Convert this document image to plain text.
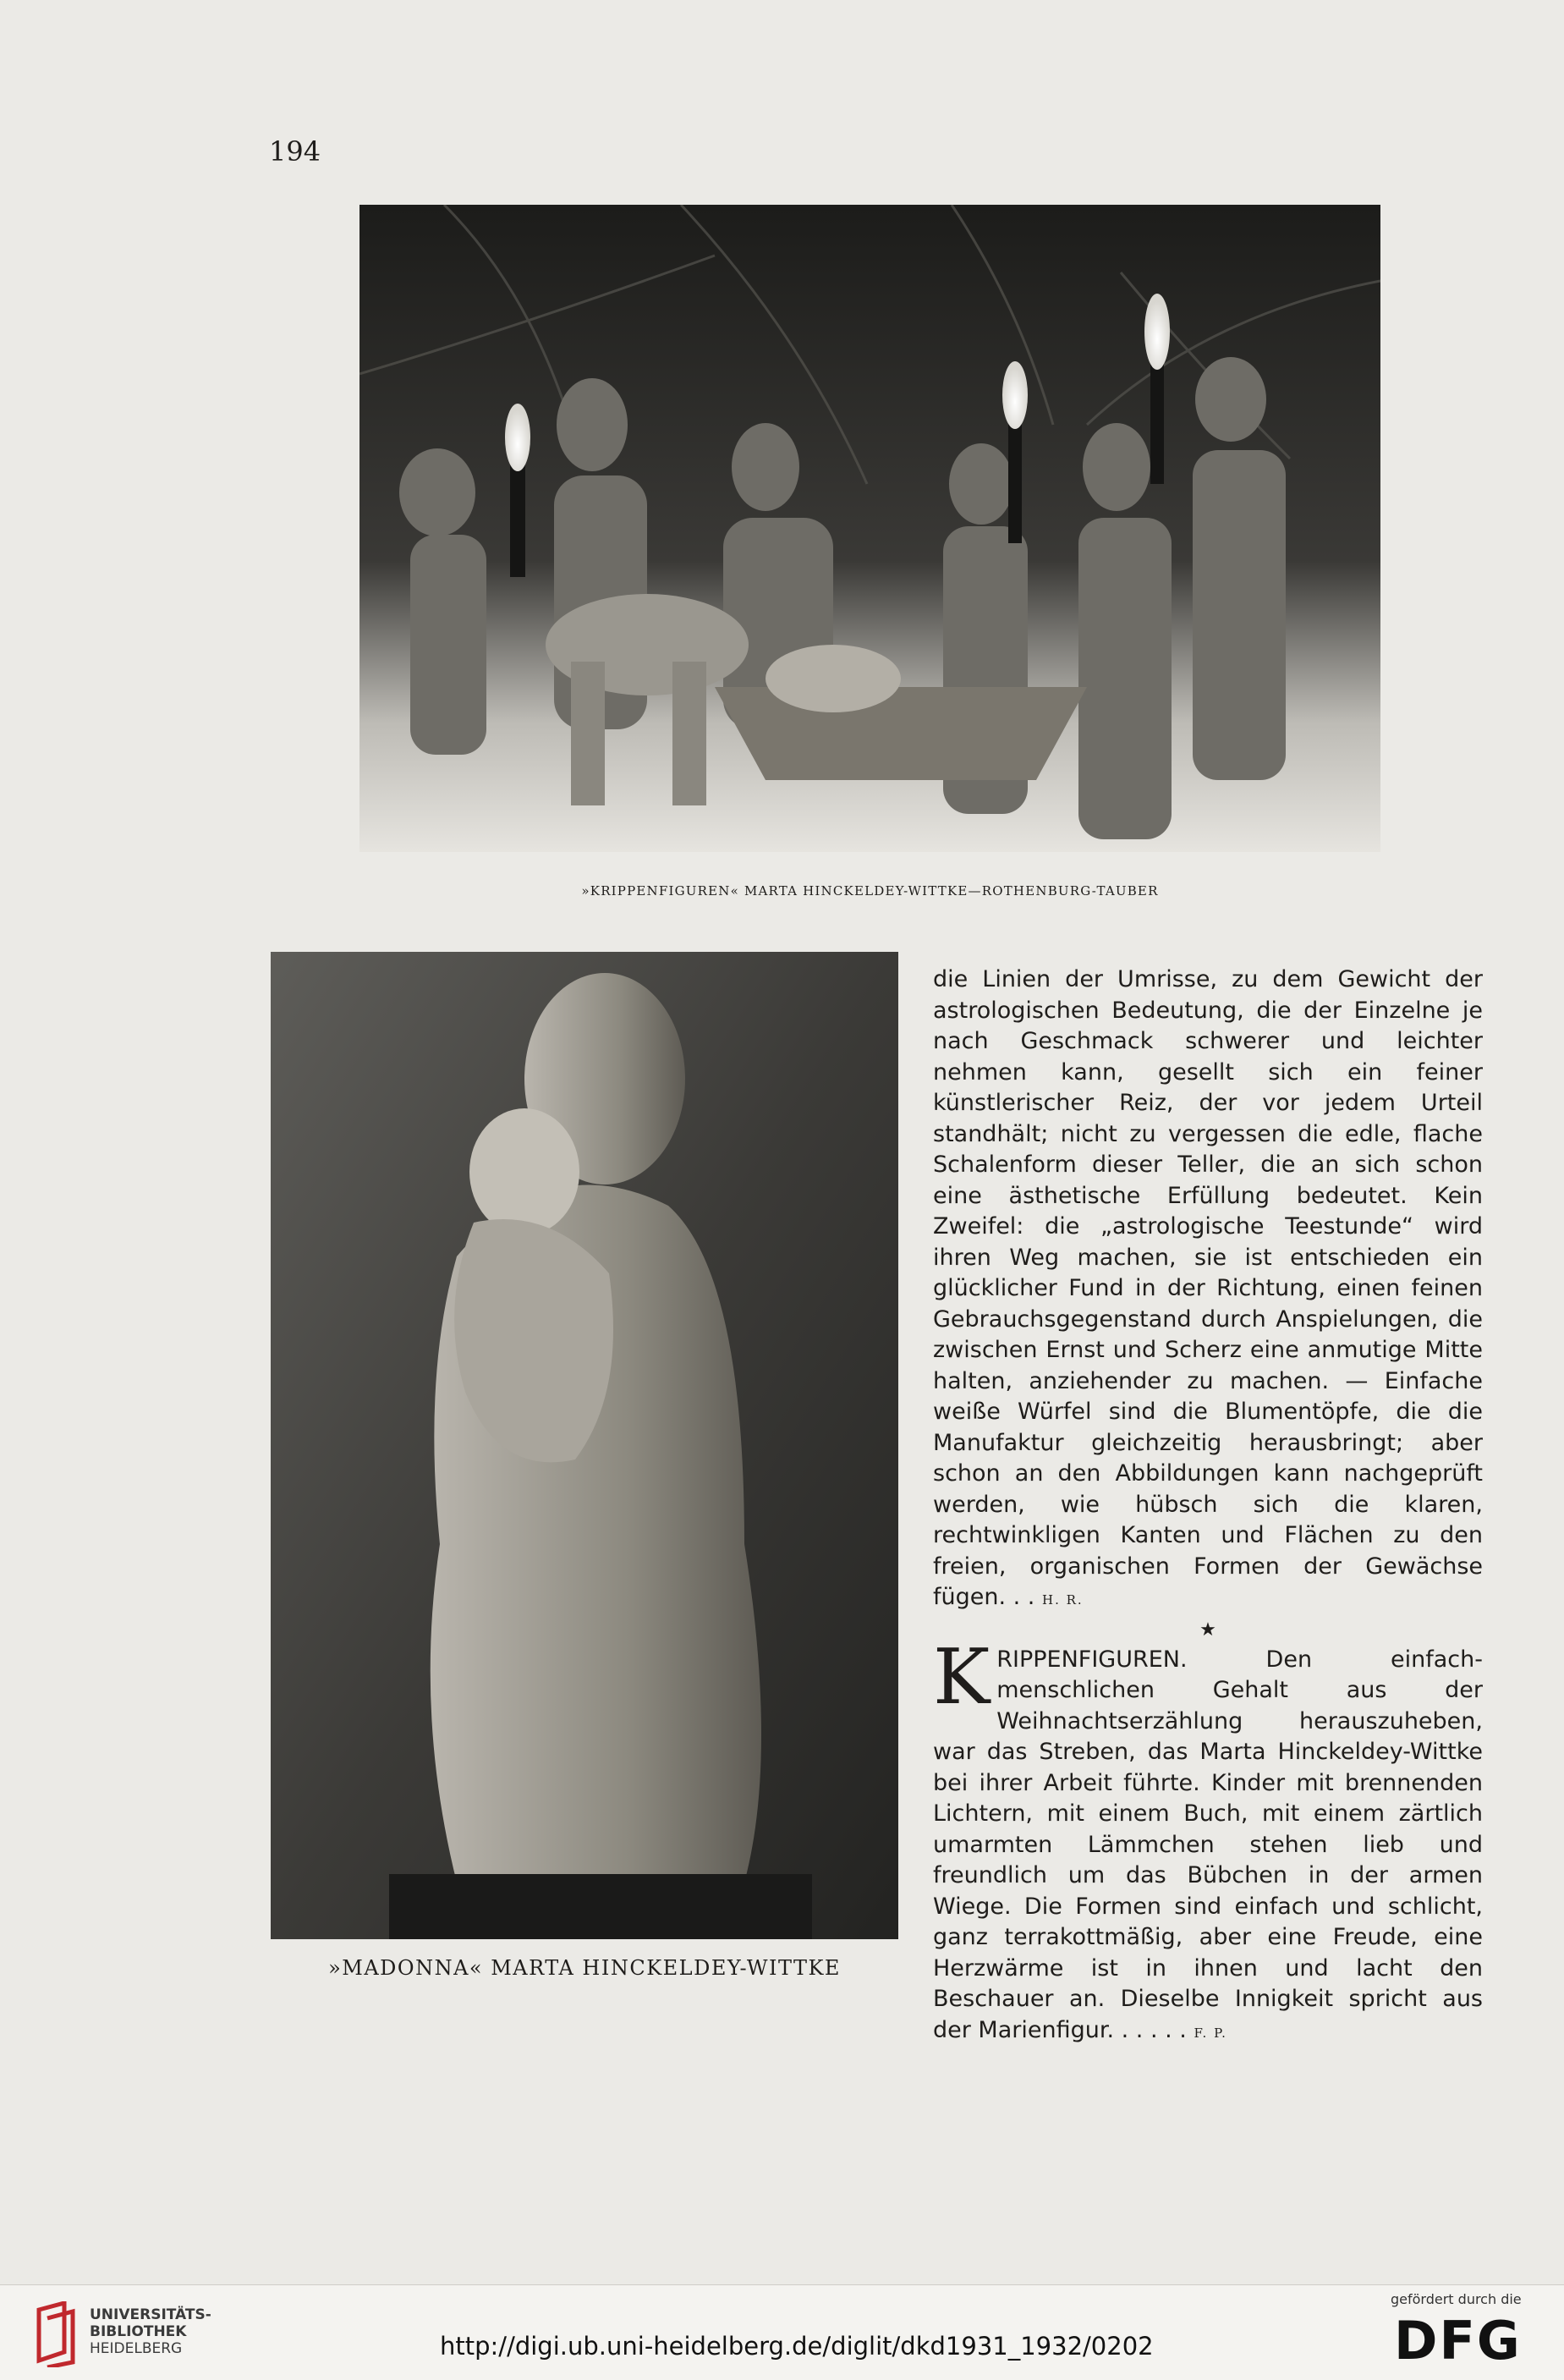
194
»KRIPPENFIGUREN« MARTA HINCKELDEY-WITTKE—ROTHENBURG-TAUBER
»MADONNA« MARTA HINCKELDEY-WITTKE

die Linien der Umrisse, zu dem Gewicht der astrologischen Bedeutung, die der Einzelne je nach Geschmack schwerer und leichter nehmen kann, gesellt sich ein feiner künstlerischer Reiz, der vor jedem Urteil standhält; nicht zu vergessen die edle, flache Schalenform dieser Teller, die an sich schon eine ästhetische Erfüllung bedeutet. Kein Zweifel: die „astrologische Teestunde“ wird ihren Weg machen, sie ist entschieden ein glücklicher Fund in der Richtung, einen feinen Gebrauchsgegenstand durch Anspielungen, die zwischen Ernst und Scherz eine anmutige Mitte halten, anziehender zu machen. — Einfache weiße Würfel sind die Blumentöpfe, die die Manufaktur gleichzeitig herausbringt; aber schon an den Abbildungen kann nachgeprüft werden, wie hübsch sich die klaren, rechtwinkligen Kanten und Flächen zu den freien, organischen Formen der Gewächse fügen. . . H. R.

★

K RIPPENFIGUREN. Den einfach-menschlichen Gehalt aus der Weihnachtserzählung herauszuheben, war das Streben, das Marta Hinckeldey-Wittke bei ihrer Arbeit führte. Kinder mit brennenden Lichtern, mit einem Buch, mit einem zärtlich umarmten Lämmchen stehen lieb und freundlich um das Bübchen in der armen Wiege. Die Formen sind einfach und schlicht, ganz terrakottmäßig, aber eine Freude, eine Herzwärme ist in ihnen und lacht den Beschauer an. Dieselbe Innigkeit spricht aus der Marienfigur. . . . . . F. P.

UNIVERSITÄTS-
BIBLIOTHEK
HEIDELBERG	http://digi.ub.uni-heidelberg.de/diglit/dkd1931_1932/0202
gefördert durch die
DFG
